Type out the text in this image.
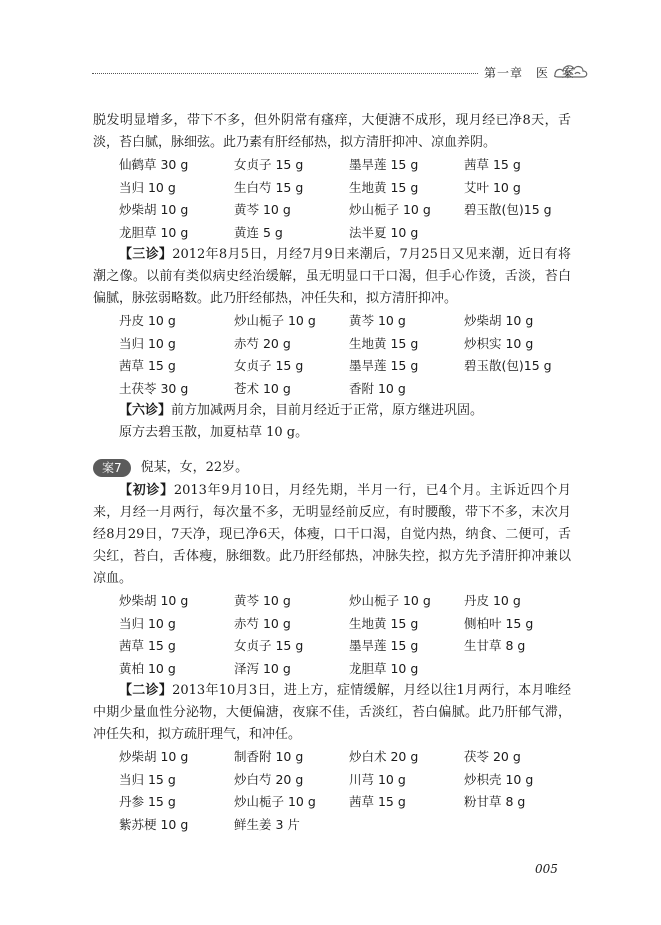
第一章　医　案

脱发明显增多，带下不多，但外阴常有瘙痒，大便溏不成形，现月经已净8天，舌淡，苔白腻，脉细弦。此乃素有肝经郁热，拟方清肝抑冲、凉血养阴。

仙鹤草 30 g	女贞子 15 g	墨旱莲 15 g	茜草 15 g
当归 10 g	生白芍 15 g	生地黄 15 g	艾叶 10 g
炒柴胡 10 g	黄芩 10 g	炒山栀子 10 g	碧玉散(包)15 g
龙胆草 10 g	黄连 5 g	法半夏 10 g

【三诊】2012年8月5日，月经7月9日来潮后，7月25日又见来潮，近日有将潮之像。以前有类似病史经治缓解，虽无明显口干口渴，但手心作烫，舌淡，苔白偏腻，脉弦弱略数。此乃肝经郁热，冲任失和，拟方清肝抑冲。

丹皮 10 g	炒山栀子 10 g	黄芩 10 g	炒柴胡 10 g
当归 10 g	赤芍 20 g	生地黄 15 g	炒枳实 10 g
茜草 15 g	女贞子 15 g	墨旱莲 15 g	碧玉散(包)15 g
土茯苓 30 g	苍术 10 g	香附 10 g

【六诊】前方加减两月余，目前月经近于正常，原方继进巩固。

原方去碧玉散，加夏枯草 10 g。

案7 倪某，女，22岁。

【初诊】2013年9月10日，月经先期，半月一行，已4个月。主诉近四个月来，月经一月两行，每次量不多，无明显经前反应，有时腰酸，带下不多，末次月经8月29日，7天净，现已净6天，体瘦，口干口渴，自觉内热，纳食、二便可，舌尖红，苔白，舌体瘦，脉细数。此乃肝经郁热，冲脉失控，拟方先予清肝抑冲兼以凉血。

炒柴胡 10 g	黄芩 10 g	炒山栀子 10 g	丹皮 10 g
当归 10 g	赤芍 10 g	生地黄 15 g	侧柏叶 15 g
茜草 15 g	女贞子 15 g	墨旱莲 15 g	生甘草 8 g
黄柏 10 g	泽泻 10 g	龙胆草 10 g

【二诊】2013年10月3日，进上方，症情缓解，月经以往1月两行，本月唯经中期少量血性分泌物，大便偏溏，夜寐不佳，舌淡红，苔白偏腻。此乃肝郁气滞，冲任失和，拟方疏肝理气，和冲任。

炒柴胡 10 g	制香附 10 g	炒白术 20 g	茯苓 20 g
当归 15 g	炒白芍 20 g	川芎 10 g	炒枳壳 10 g
丹参 15 g	炒山栀子 10 g	茜草 15 g	粉甘草 8 g
紫苏梗 10 g	鲜生姜 3 片
005
